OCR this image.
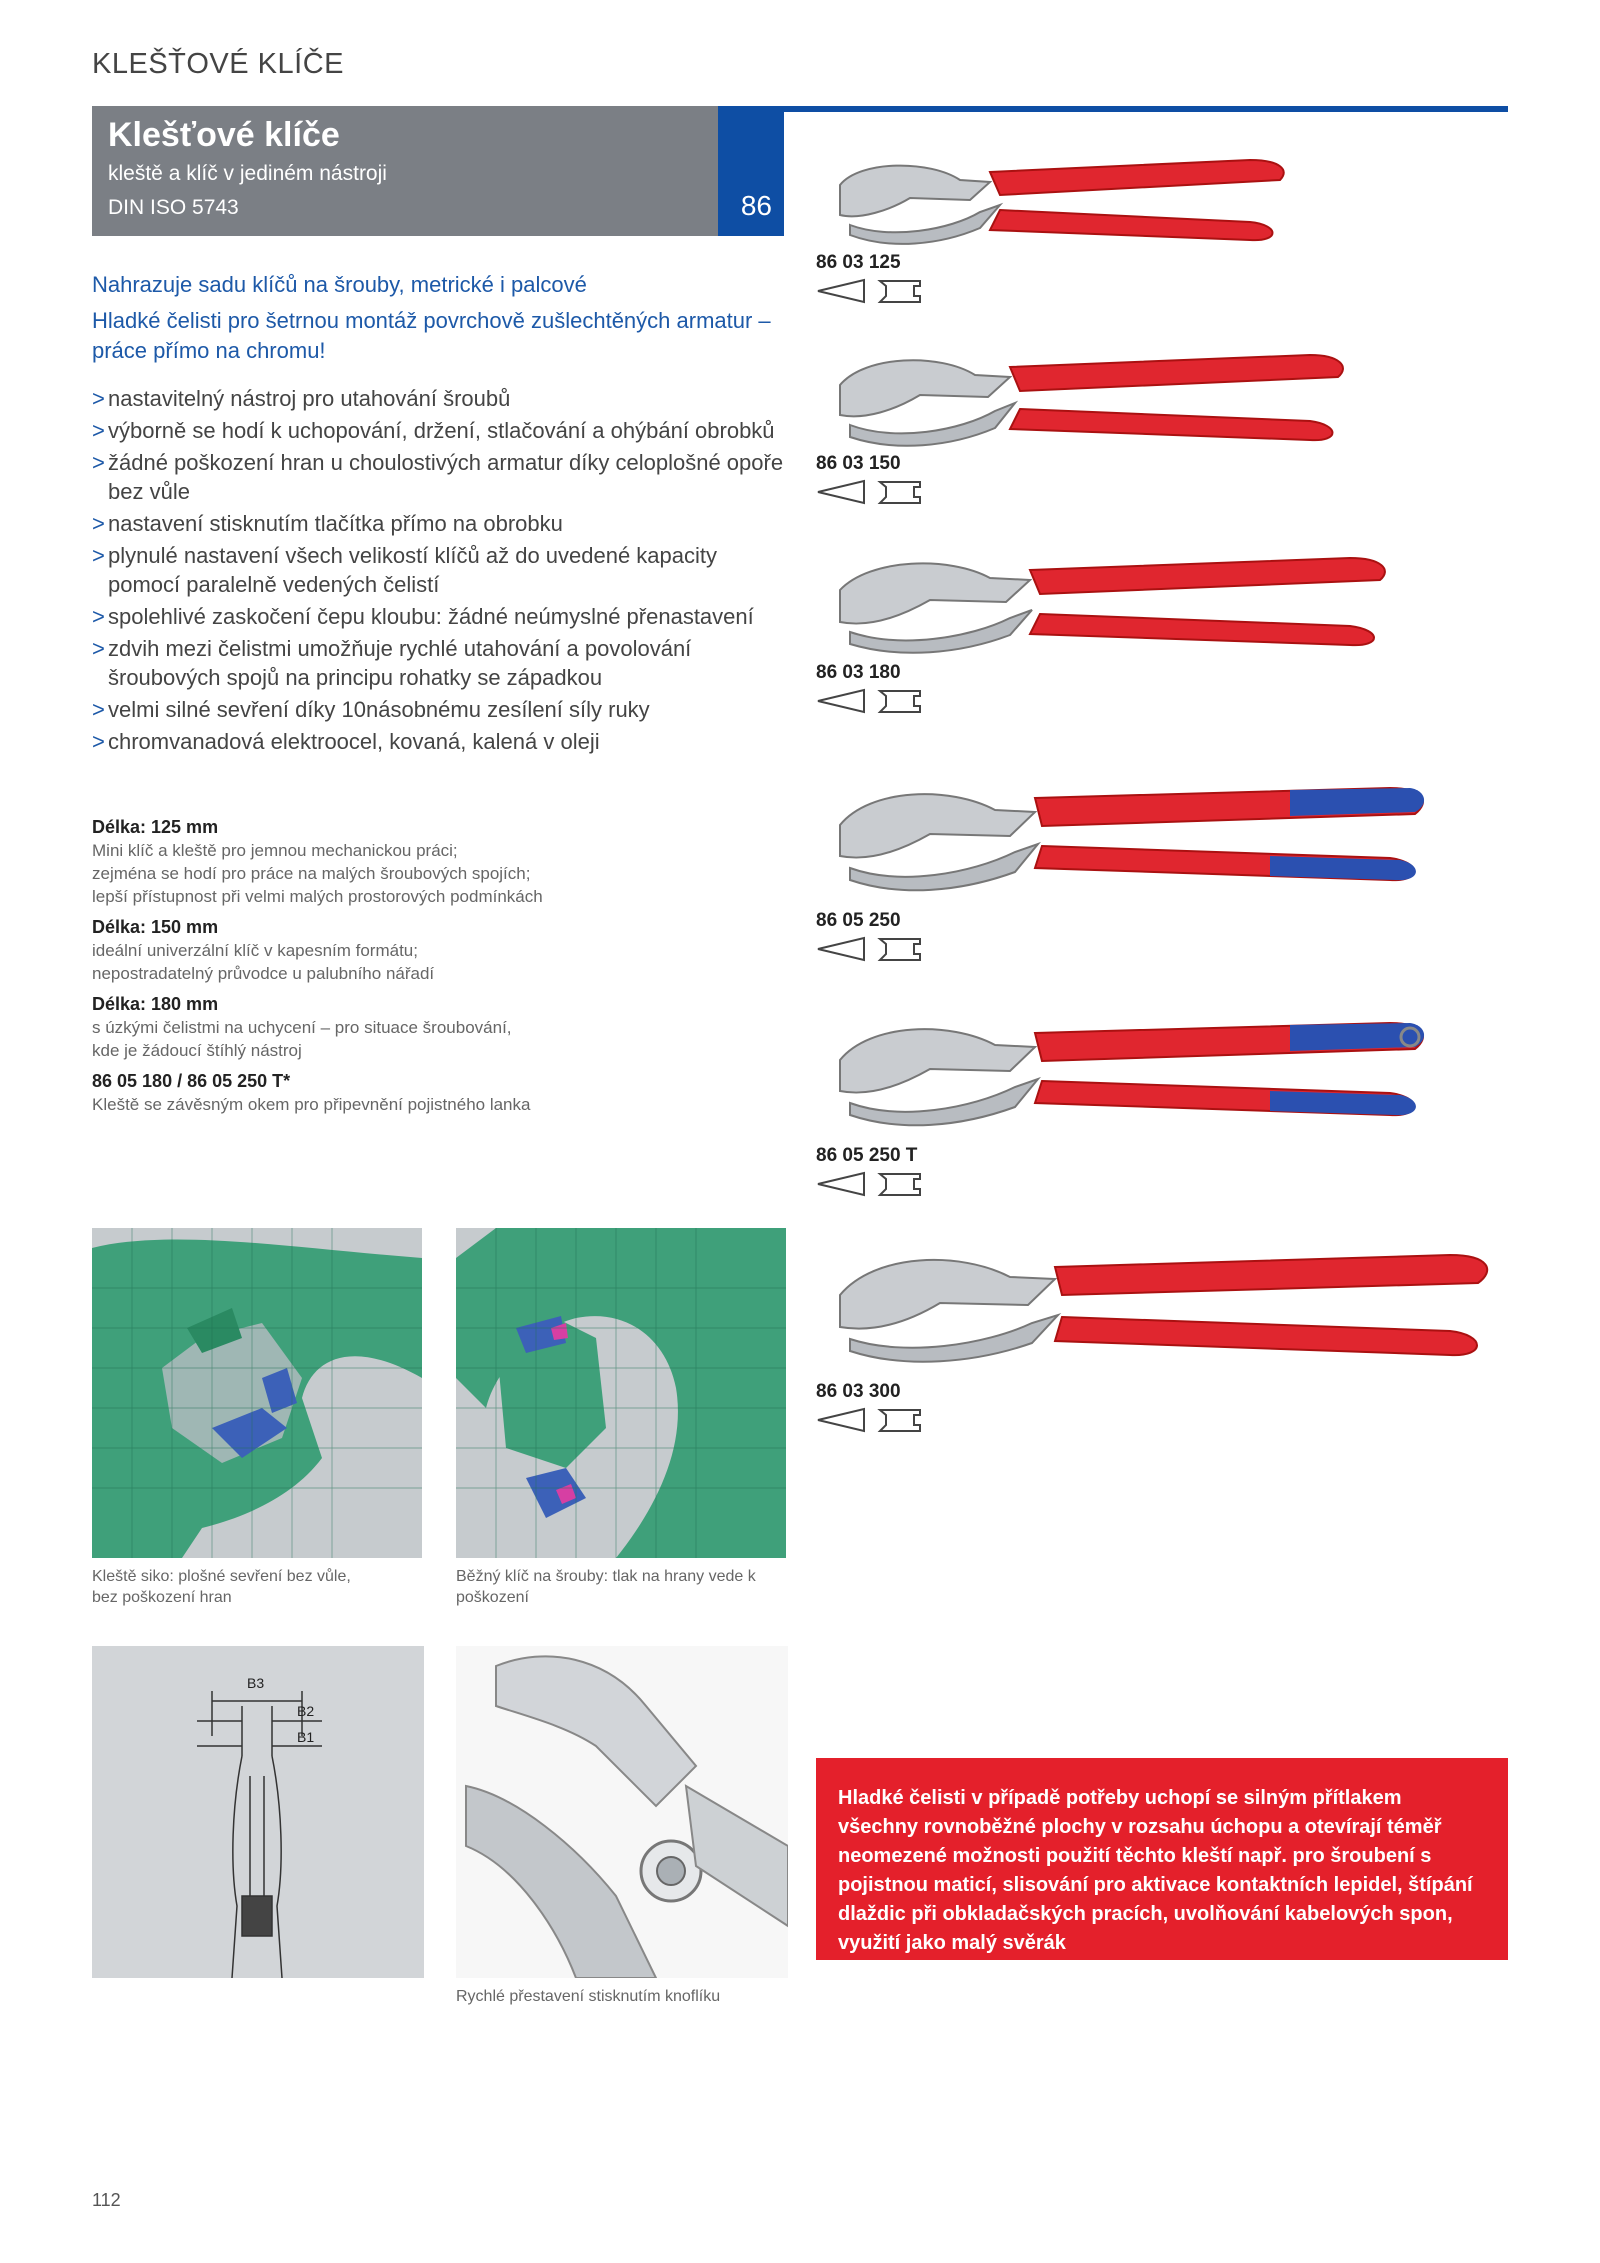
KLEŠŤOVÉ KLÍČE
Klešťové klíče
kleště a klíč v jediném nástroji
DIN ISO 5743	86

Nahrazuje sadu klíčů na šrouby, metrické i palcové

Hladké čelisti pro šetrnou montáž povrchově zušlechtěných armatur – práce přímo na chromu!

> nastavitelný nástroj pro utahování šroubů
> výborně se hodí k uchopování, držení, stlačování a ohýbání obrobků
> žádné poškození hran u choulostivých armatur díky celoplošné opoře bez vůle
> nastavení stisknutím tlačítka přímo na obrobku
> plynulé nastavení všech velikostí klíčů až do uvedené kapacity pomocí paralelně vedených čelistí
> spolehlivé zaskočení čepu kloubu: žádné neúmyslné přenastavení
> zdvih mezi čelistmi umožňuje rychlé utahování a povolování šroubových spojů na principu rohatky se západkou
> velmi silné sevření díky 10násobnému zesílení síly ruky
> chromvanadová elektroocel, kovaná, kalená v oleji
Délka: 125 mm
Mini klíč a kleště pro jemnou mechanickou práci;
zejména se hodí pro práce na malých šroubových spojích;
lepší přístupnost při velmi malých prostorových podmínkách
Délka: 150 mm
ideální univerzální klíč v kapesním formátu;
nepostradatelný průvodce u palubního nářadí
Délka: 180 mm
s úzkými čelistmi na uchycení – pro situace šroubování,
kde je žádoucí štíhlý nástroj
86 05 180 / 86 05 250 T*
Kleště se závěsným okem pro připevnění pojistného lanka
86 03 125
86 03 150
86 03 180
86 05 250
86 05 250 T
86 03 300
Kleště siko: plošné sevření bez vůle,
bez poškození hran
Běžný klíč na šrouby: tlak na hrany vede k
poškození
B3
B2
B1
Rychlé přestavení stisknutím knoflíku
Hladké čelisti v případě potřeby uchopí se silným přítlakem všechny rovnoběžné plochy v rozsahu úchopu a otevírají téměř neomezené možnosti použití těchto kleští např. pro šroubení s pojistnou maticí, slisování pro aktivace kontaktních lepidel, štípání dlaždic při obkladačských pracích, uvolňování kabelových spon, využití jako malý svěrák
112
